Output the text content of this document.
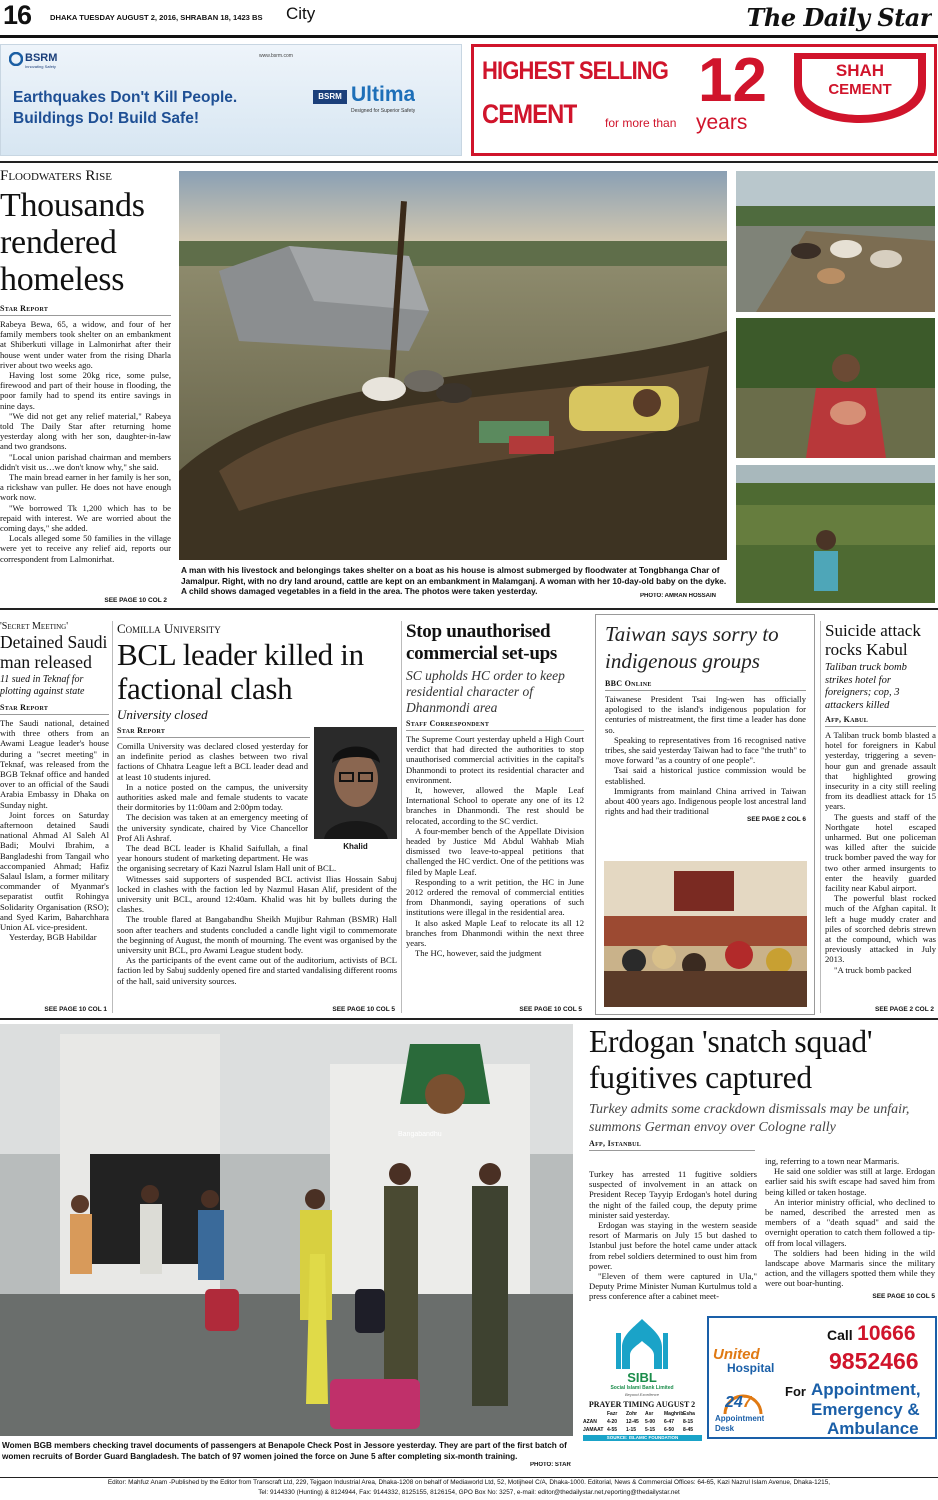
16 DHAKA TUESDAY AUGUST 2, 2016, SHRABAN 18, 1423 BS City	The Daily Star
BSRM
Innovating Safety
www.bsrm.com
Earthquakes Don't Kill People.
Buildings Do! Build Safe!
BSRM Ultima
Designed for Superior Safety
HIGHEST SELLING
CEMENT for more than
12
years
SHAH
CEMENT
Floodwaters Rise
Thousands rendered homeless
Star Report

Rabeya Bewa, 65, a widow, and four of her family members took shelter on an embankment at Shiberkuti village in Lalmonirhat after their house went under water from the rising Dharla river about two weeks ago.

Having lost some 20kg rice, some pulse, firewood and part of their house in flooding, the poor family had to spend its entire savings in nine days.

"We did not get any relief material," Rabeya told The Daily Star after returning home yesterday along with her son, daughter-in-law and two grandsons.

"Local union parishad chairman and members didn't visit us…we don't know why," she said.

The main bread earner in her family is her son, a rickshaw van puller. He does not have enough work now.

"We borrowed Tk 1,200 which has to be repaid with interest. We are worried about the coming days," she added.

Locals alleged some 50 families in the village were yet to receive any relief aid, reports our correspondent from Lalmonirhat.

SEE PAGE 10 COL 2
A man with his livestock and belongings takes shelter on a boat as his house is almost submerged by floodwater at Tongbhanga Char of Jamalpur. Right, with no dry land around, cattle are kept on an embankment in Malamganj. A woman with her 10-day-old baby on the dyke. A child shows damaged vegetables in a field in the area. The photos were taken yesterday.	PHOTO: AMRAN HOSSAIN
'Secret Meeting'
Detained Saudi man released
11 sued in Teknaf for plotting against state
Star Report

The Saudi national, detained with three others from an Awami League leader's house during a "secret meeting" in Teknaf, was released from the BGB Teknaf office and handed over to an official of the Saudi Arabia Embassy in Dhaka on Sunday night.

Joint forces on Saturday afternoon detained Saudi national Ahmad Al Saleh Al Badi; Moulvi Ibrahim, a Bangladeshi from Tangail who accompanied Ahmad; Hafiz Salaul Islam, a former military commander of Myanmar's separatist outfit Rohingya Solidarity Organisation (RSO); and Syed Karim, Baharchhara Union AL vice-president.

Yesterday, BGB Habildar

SEE PAGE 10 COL 1
Comilla University
BCL leader killed in factional clash
University closed
Star Report
Khalid

Comilla University was declared closed yesterday for an indefinite period as clashes between two rival factions of Chhatra League left a BCL leader dead and at least 10 students injured.

In a notice posted on the campus, the university authorities asked male and female students to vacate their dormitories by 11:00am and 2:00pm today.

The decision was taken at an emergency meeting of the university syndicate, chaired by Vice Chancellor Prof Ali Ashraf.

The dead BCL leader is Khalid Saifullah, a final year honours student of marketing department. He was the organising secretary of Kazi Nazrul Islam Hall unit of BCL.

Witnesses said supporters of suspended BCL activist Ilias Hossain Sabuj locked in clashes with the faction led by Nazmul Hasan Alif, president of the university unit BCL, around 12:40am. Khalid was hit by bullets during the clashes.

The trouble flared at Bangabandhu Sheikh Mujibur Rahman (BSMR) Hall soon after teachers and students concluded a candle light vigil to commemorate the beginning of August, the month of mourning. The event was organised by the university unit BCL, pro Awami League student body.

As the participants of the event came out of the auditorium, activists of BCL faction led by Sabuj suddenly opened fire and started vandalising different rooms of the hall, said university sources.

SEE PAGE 10 COL 5
Stop unauthorised commercial set-ups
SC upholds HC order to keep residential character of Dhanmondi area
Staff Correspondent

The Supreme Court yesterday upheld a High Court verdict that had directed the authorities to stop unauthorised commercial activities in the capital's Dhanmondi to protect its residential character and environment.

It, however, allowed the Maple Leaf International School to operate any one of its 12 branches in Dhanmondi. The rest should be relocated, according to the SC verdict.

A four-member bench of the Appellate Division headed by Justice Md Abdul Wahhab Miah dismissed two leave-to-appeal petitions that challenged the HC verdict. One of the petitions was filed by Maple Leaf.

Responding to a writ petition, the HC in June 2012 ordered the removal of commercial entities from Dhanmondi, saying operations of such institutions were illegal in the residential area.

It also asked Maple Leaf to relocate its all 12 branches from Dhanmondi within the next three years.

The HC, however, said the judgment

SEE PAGE 10 COL 5
Taiwan says sorry to indigenous groups
BBC Online

Taiwanese President Tsai Ing-wen has officially apologised to the island's indigenous population for centuries of mistreatment, the first time a leader has done so.

Speaking to representatives from 16 recognised native tribes, she said yesterday Taiwan had to face "the truth" to move forward "as a country of one people".

Tsai said a historical justice commission would be established.

Immigrants from mainland China arrived in Taiwan about 400 years ago. Indigenous people lost ancestral land rights and had their traditional

SEE PAGE 2 COL 6
Suicide attack rocks Kabul
Taliban truck bomb strikes hotel for foreigners; cop, 3 attackers killed
Afp, Kabul

A Taliban truck bomb blasted a hotel for foreigners in Kabul yesterday, triggering a seven-hour gun and grenade assault that highlighted growing insecurity in a city still reeling from its deadliest attack for 15 years.

The guests and staff of the Northgate hotel escaped unharmed. But one policeman was killed after the suicide truck bomber paved the way for two other armed insurgents to enter the heavily guarded facility near Kabul airport.

The powerful blast rocked much of the Afghan capital. It left a huge muddy crater and piles of scorched debris strewn at the compound, which was previously attacked in July 2013.

"A truck bomb packed

SEE PAGE 2 COL 2
Bangabandhu
Women BGB members checking travel documents of passengers at Benapole Check Post in Jessore yesterday. They are part of the first batch of women recruits of Border Guard Bangladesh. The batch of 97 women joined the force on June 5 after completing six-month training.
PHOTO: STAR
Erdogan 'snatch squad' fugitives captured
Turkey admits some crackdown dismissals may be unfair, summons German envoy over Cologne rally
Afp, Istanbul

Turkey has arrested 11 fugitive soldiers suspected of involvement in an attack on President Recep Tayyip Erdogan's hotel during the night of the failed coup, the deputy prime minister said yesterday.

Erdogan was staying in the western seaside resort of Marmaris on July 15 but dashed to Istanbul just before the hotel came under attack from rebel soldiers determined to oust him from power.

"Eleven of them were captured in Ula," Deputy Prime Minister Numan Kurtulmus told a press conference after a cabinet meet-

ing, referring to a town near Marmaris.

He said one soldier was still at large. Erdogan earlier said his swift escape had saved him from being killed or taken hostage.

An interior ministry official, who declined to be named, described the arrested men as members of a "death squad" and said the overnight operation to catch them followed a tip-off from local villagers.

The soldiers had been hiding in the wild landscape above Marmaris since the military action, and the villagers spotted them while they were out boar-hunting.

SEE PAGE 10 COL 5
SIBL
Social Islami Bank Limited
Beyond Excellence
PRAYER TIMING AUGUST 2
Fazr	Zohr	Asr	Maghrib Esha
AZAN	4-20	12-45	5-00	6-47	8-15
JAMAAT 4-55	1-15	5-15	6-50	8-45
SOURCE: ISLAMIC FOUNDATION
United
Hospital
247
Appointment
Desk
Call 10666
9852466
For Appointment,
Emergency &
Ambulance
Editor: Mahfuz Anam -Published by the Editor from Transcraft Ltd, 229, Tejgaon Industrial Area, Dhaka-1208 on behalf of Mediaworld Ltd, 52, Motijheel C/A, Dhaka-1000. Editorial, News & Commercial Offices: 64-65, Kazi Nazrul Islam Avenue, Dhaka-1215,
Tel: 9144330 (Hunting) & 8124944, Fax: 9144332, 8125155, 8126154, GPO Box No: 3257, e-mail: editor@thedailystar.net,reporting@thedailystar.net
